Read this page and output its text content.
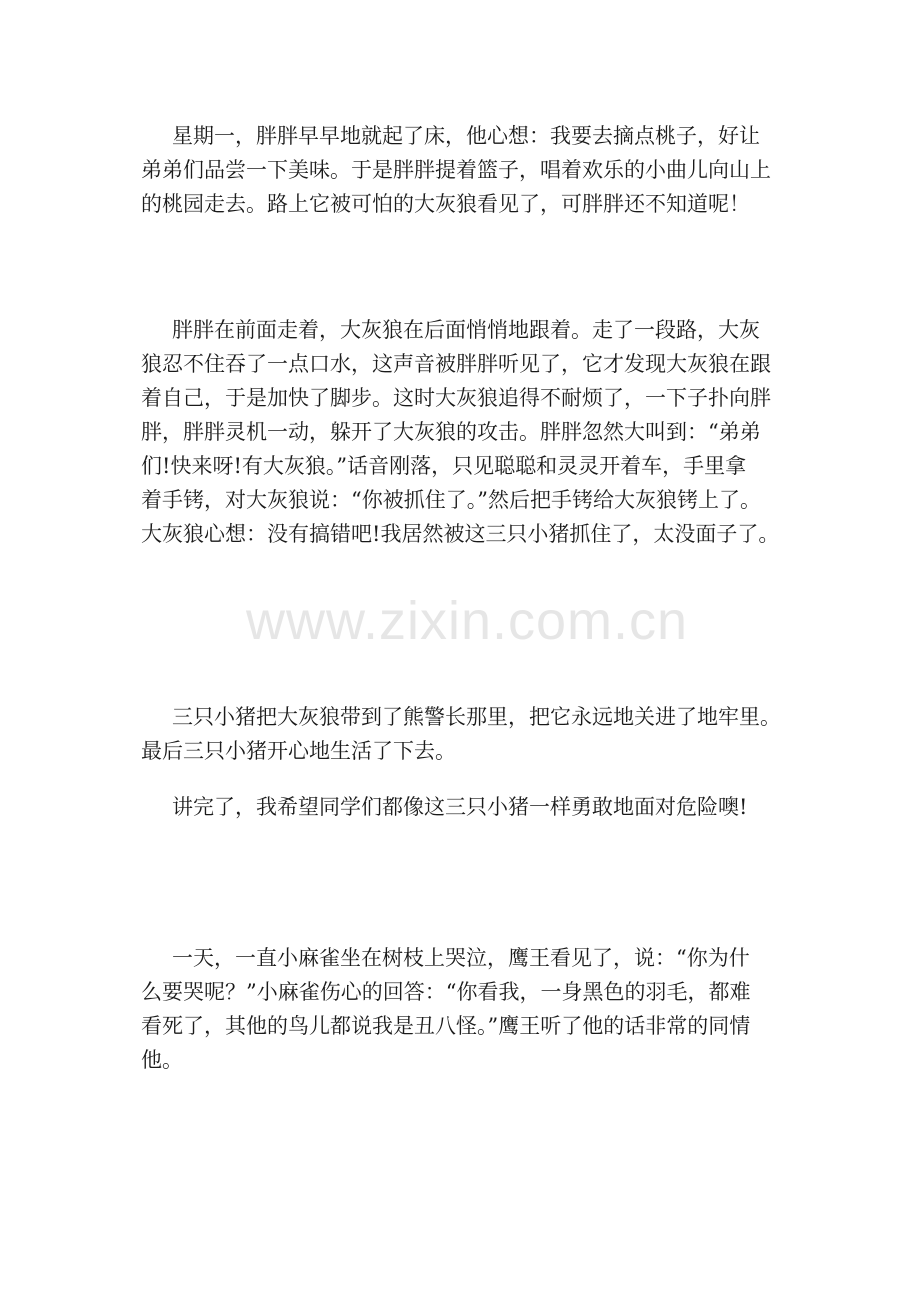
星期一，胖胖早早地就起了床，他心想：我要去摘点桃子，好让
弟弟们品尝一下美味。于是胖胖提着篮子，唱着欢乐的小曲儿向山上
的桃园走去。路上它被可怕的大灰狼看见了，可胖胖还不知道呢！
胖胖在前面走着，大灰狼在后面悄悄地跟着。走了一段路，大灰
狼忍不住吞了一点口水，这声音被胖胖听见了，它才发现大灰狼在跟
着自己，于是加快了脚步。这时大灰狼追得不耐烦了，一下子扑向胖
胖，胖胖灵机一动，躲开了大灰狼的攻击。胖胖忽然大叫到：“弟弟
们!快来呀!有大灰狼。”话音刚落，只见聪聪和灵灵开着车，手里拿
着手铐，对大灰狼说：“你被抓住了。”然后把手铐给大灰狼铐上了。
大灰狼心想：没有搞错吧!我居然被这三只小猪抓住了，太没面子了。
三只小猪把大灰狼带到了熊警长那里，把它永远地关进了地牢里。
最后三只小猪开心地生活了下去。
讲完了，我希望同学们都像这三只小猪一样勇敢地面对危险噢!
一天，一直小麻雀坐在树枝上哭泣，鹰王看见了，说：“你为什
么要哭呢？”小麻雀伤心的回答：“你看我，一身黑色的羽毛，都难
看死了，其他的鸟儿都说我是丑八怪。”鹰王听了他的话非常的同情
他。
www.zixin.com.cn
